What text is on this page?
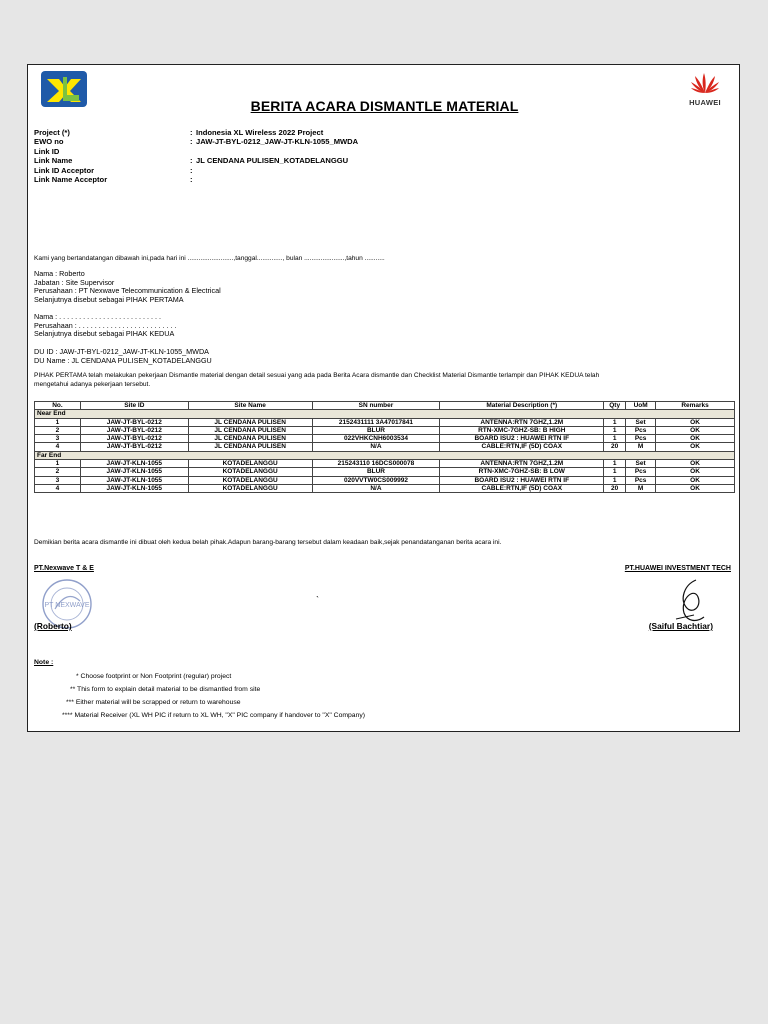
HUAWEI
BERITA ACARA DISMANTLE MATERIAL
Project (*)	: Indonesia XL Wireless 2022 Project
EWO no	: JAW-JT-BYL-0212_JAW-JT-KLN-1055_MWDA
Link ID
Link Name	: JL CENDANA PULISEN_KOTADELANGGU
Link ID Acceptor	:
Link Name Acceptor	:
Kami yang bertandatangan dibawah ini,pada hari ini .........................,tanggal.............., bulan ......................,tahun ...........
Nama : Roberto
Jabatan : Site Supervisor
Perusahaan : PT Nexwave Telecommunication & Electrical
Selanjutnya disebut sebagai PIHAK PERTAMA
Nama : . . . . . . . . . . . . . . . . . . . . . . . . . .
Perusahaan : . . . . . . . . . . . . . . . . . . . . . . . . .
Selanjutnya disebut sebagai PIHAK KEDUA
DU ID : JAW-JT-BYL-0212_JAW-JT-KLN-1055_MWDA
DU Name : JL CENDANA PULISEN_KOTADELANGGU
PIHAK PERTAMA telah melakukan pekerjaan Dismantle material dengan detail sesuai yang ada pada Berita Acara dismantle dan Checklist Material Dismantle terlampir dan PIHAK KEDUA telah
mengetahui adanya pekerjaan tersebut.
No.	Site ID	Site Name	SN number	Material Description (*)	Qty	UoM	Remarks
Near End							
1	JAW-JT-BYL-0212	JL CENDANA PULISEN	2152431111 3A47017841	ANTENNA:RTN 7GHZ,1.2M	1	Set	OK
2	JAW-JT-BYL-0212	JL CENDANA PULISEN	BLUR	RTN-XMC-7GHZ-SB: B HIGH	1	Pcs	OK
3	JAW-JT-BYL-0212	JL CENDANA PULISEN	022VHKCNH6003534	BOARD ISU2 : HUAWEI RTN IF	1	Pcs	OK
4	JAW-JT-BYL-0212	JL CENDANA PULISEN	N/A	CABLE:RTN,IF (5D) COAX	20	M	OK
Far End							
1	JAW-JT-KLN-1055	KOTADELANGGU	215243110 16DCS000078	ANTENNA:RTN 7GHZ,1.2M	1	Set	OK
2	JAW-JT-KLN-1055	KOTADELANGGU	BLUR	RTN-XMC-7GHZ-SB: B LOW	1	Pcs	OK
3	JAW-JT-KLN-1055	KOTADELANGGU	020VVTW0CS009992	BOARD ISU2 : HUAWEI RTN IF	1	Pcs	OK
4	JAW-JT-KLN-1055	KOTADELANGGU	N/A	CABLE:RTN,IF (5D) COAX	20	M	OK
Demikian berita acara dismantle ini dibuat oleh kedua belah pihak.Adapun barang-barang tersebut dalam keadaan baik,sejak penandatanganan berita acara ini.
PT.Nexwave T & E
PT NEXWAVE
(Roberto)
`
PT.HUAWEI INVESTMENT TECH
(Saiful Bachtiar)
Note :
* Choose footprint or Non Footprint (regular) project
** This form to explain detail material to be dismantled from site
*** Either material will be scrapped or return to warehouse
**** Material Receiver (XL WH PIC if return to XL WH, "X" PIC company if handover to "X" Company)
